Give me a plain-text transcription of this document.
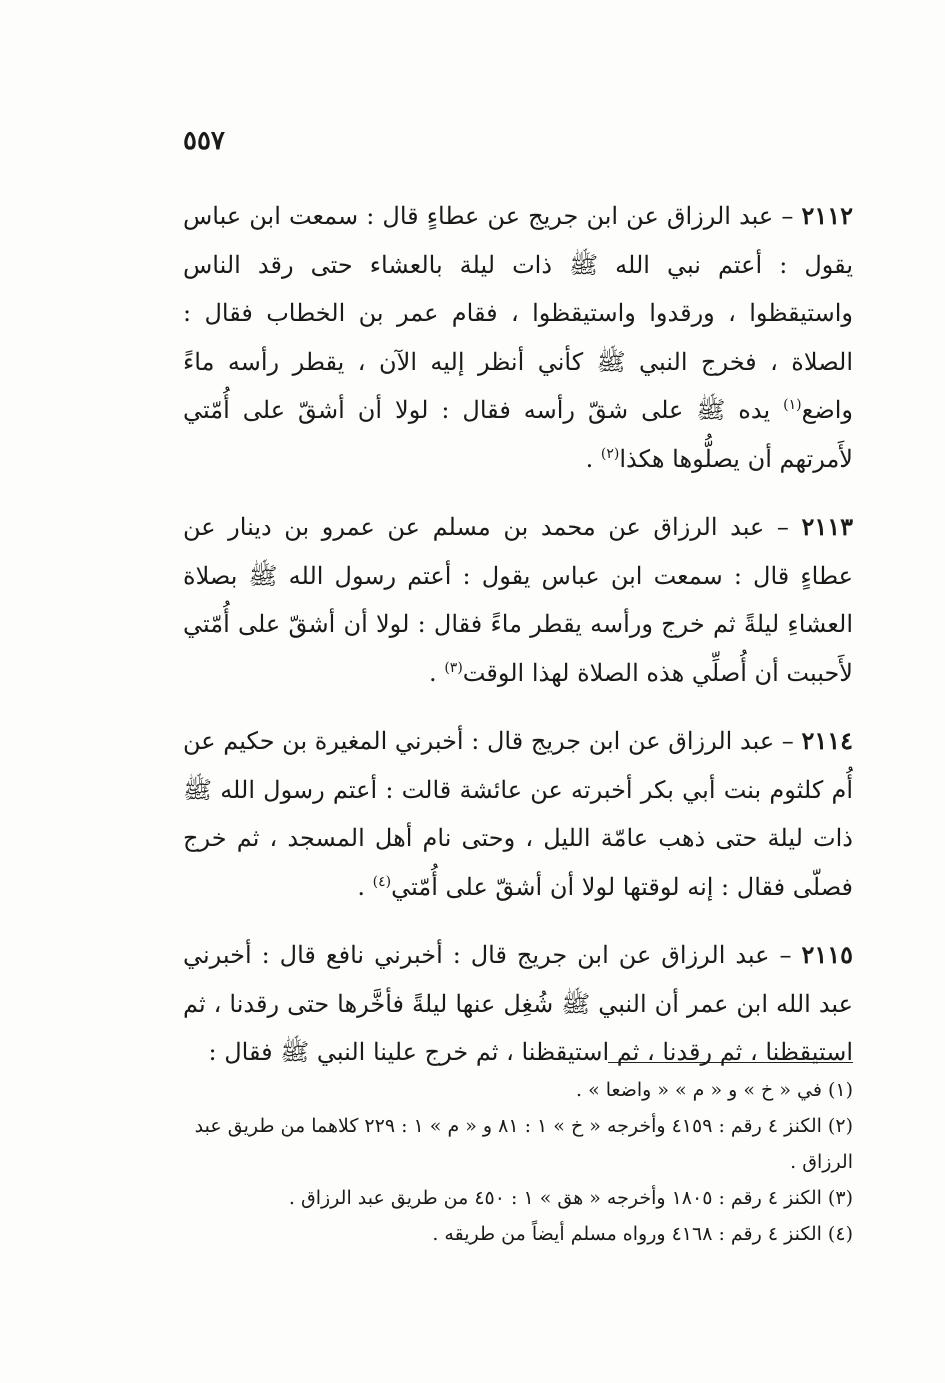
٥٥٧

٢١١٢ – عبد الرزاق عن ابن جريج عن عطاءٍ قال : سمعت ابن عباس يقول : أعتم نبي الله ﷺ ذات ليلة بالعشاء حتى رقد الناس واستيقظوا ، ورقدوا واستيقظوا ، فقام عمر بن الخطاب فقال : الصلاة ، فخرج النبي ﷺ كأني أنظر إليه الآن ، يقطر رأسه ماءً واضع$^{(١)}$ يده ﷺ على شقّ رأسه فقال : لولا أن أشقّ على أُمّتي لأَمرتهم أن يصلُّوها هكذا$^{(٢)}$ .

٢١١٣ – عبد الرزاق عن محمد بن مسلم عن عمرو بن دينار عن عطاءٍ قال : سمعت ابن عباس يقول : أعتم رسول الله ﷺ بصلاة العشاءِ ليلةً ثم خرج ورأسه يقطر ماءً فقال : لولا أن أشقّ على أُمّتي لأَحببت أن أُصلِّي هذه الصلاة لهذا الوقت$^{(٣)}$ .

٢١١٤ – عبد الرزاق عن ابن جريج قال : أخبرني المغيرة بن حكيم عن أُم كلثوم بنت أبي بكر أخبرته عن عائشة قالت : أعتم رسول الله ﷺ ذات ليلة حتى ذهب عامّة الليل ، وحتى نام أهل المسجد ، ثم خرج فصلّى فقال : إنه لوقتها لولا أن أشقّ على أُمّتي$^{(٤)}$ .

٢١١٥ – عبد الرزاق عن ابن جريج قال : أخبرني نافع قال : أخبرني عبد الله ابن عمر أن النبي ﷺ شُغِل عنها ليلةً فأخَّرها حتى رقدنا ، ثم استيقظنا ، ثم رقدنا ، ثم استيقظنا ، ثم خرج علينا النبي ﷺ فقال :

(١) في « خ » و « م » « واضعا » .

(٢) الكنز ٤ رقم : ٤١٥٩ وأخرجه « خ » ١ : ٨١ و « م » ١ : ٢٢٩ كلاهما من طريق عبد الرزاق .

(٣) الكنز ٤ رقم : ١٨٠٥ وأخرجه « هق » ١ : ٤٥٠ من طريق عبد الرزاق .

(٤) الكنز ٤ رقم : ٤١٦٨ ورواه مسلم أيضاً من طريقه .
